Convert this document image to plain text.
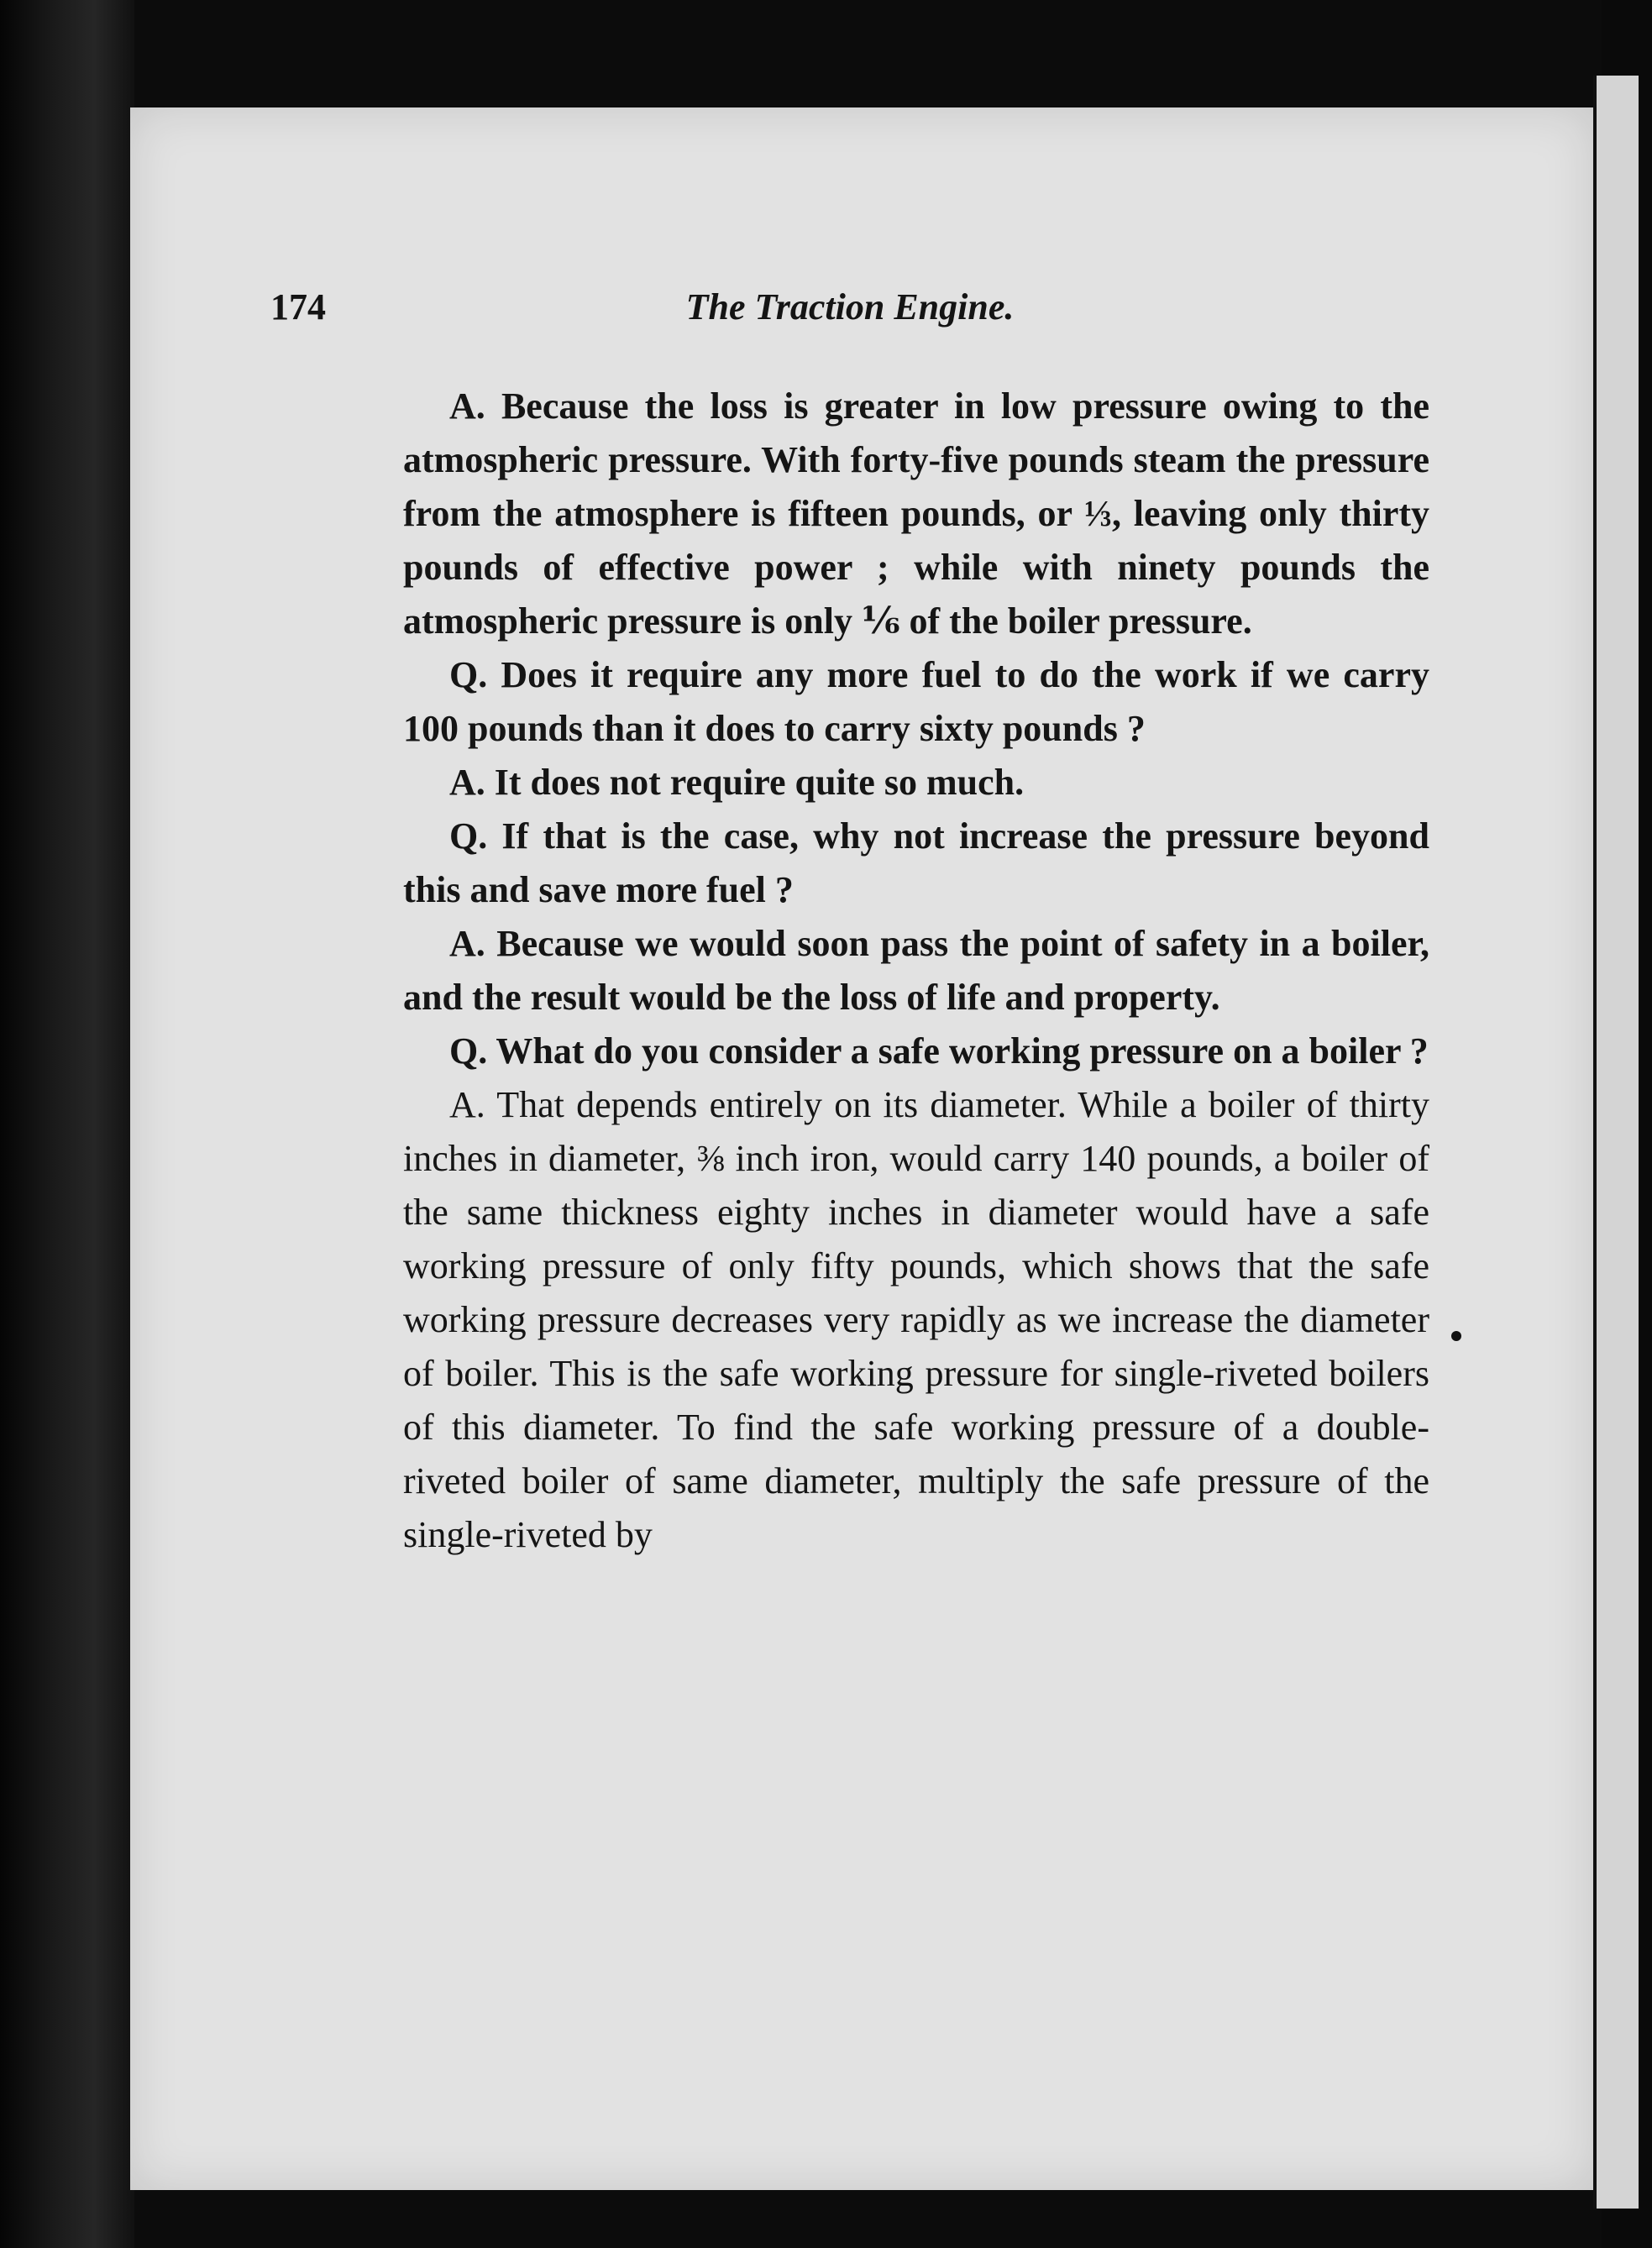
174	The Traction Engine.

A. Because the loss is greater in low pressure owing to the atmospheric pressure. With forty-five pounds steam the pressure from the atmosphere is fifteen pounds, or ⅓, leaving only thirty pounds of effective power ; while with ninety pounds the atmospheric pressure is only ⅙ of the boiler pressure.

Q. Does it require any more fuel to do the work if we carry 100 pounds than it does to carry sixty pounds ?

A. It does not require quite so much.

Q. If that is the case, why not increase the pressure beyond this and save more fuel ?

A. Because we would soon pass the point of safety in a boiler, and the result would be the loss of life and property.

Q. What do you consider a safe working pressure on a boiler ?

A. That depends entirely on its diameter. While a boiler of thirty inches in diameter, ⅜ inch iron, would carry 140 pounds, a boiler of the same thickness eighty inches in diameter would have a safe working pressure of only fifty pounds, which shows that the safe working pressure decreases very rapidly as we increase the diameter of boiler. This is the safe working pressure for single-riveted boilers of this diameter. To find the safe working pressure of a double-riveted boiler of same diameter, multiply the safe pressure of the single-riveted by
